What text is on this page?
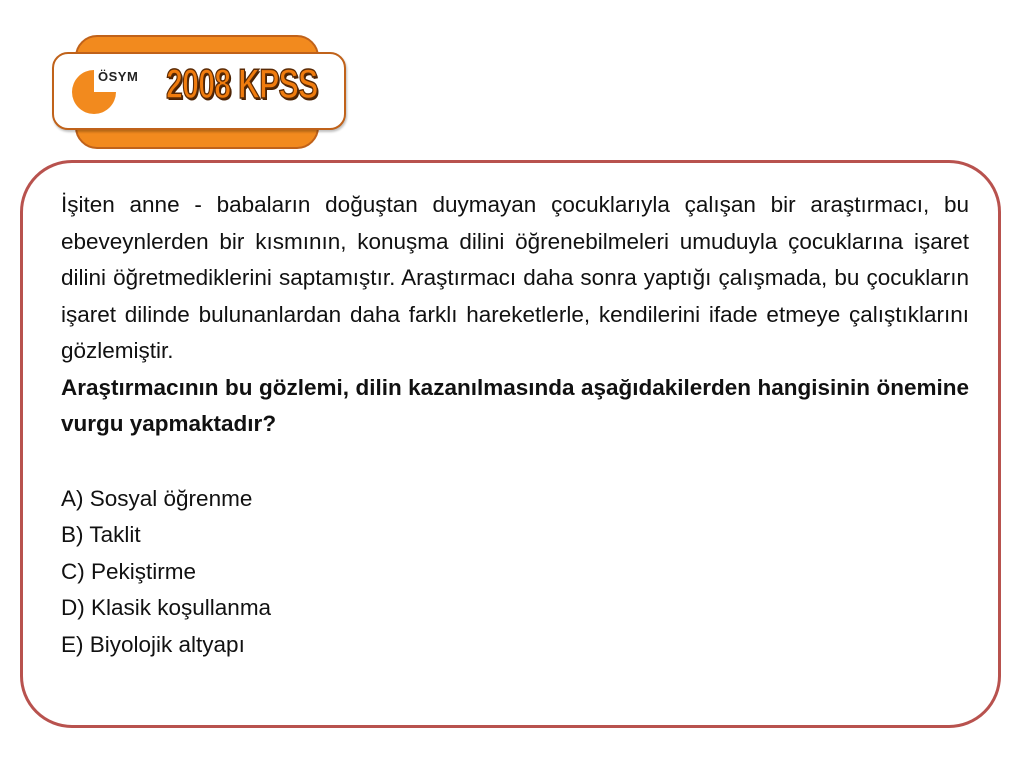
ÖSYM 2008 KPSS

İşiten anne - babaların doğuştan duymayan çocuklarıyla çalışan bir araştırmacı, bu ebeveynlerden bir kısmının, konuşma dilini öğrenebilmeleri umuduyla çocuklarına işaret dilini öğretmediklerini saptamıştır. Araştırmacı daha sonra yaptığı çalışmada, bu çocukların işaret dilinde bulunanlardan daha farklı hareketlerle, kendilerini ifade etmeye çalıştıklarını gözlemiştir.

Araştırmacının bu gözlemi, dilin kazanılmasında aşağıdakilerden hangisinin önemine vurgu yapmaktadır?

A) Sosyal öğrenme
B) Taklit
C) Pekiştirme
D) Klasik koşullanma
E) Biyolojik altyapı
